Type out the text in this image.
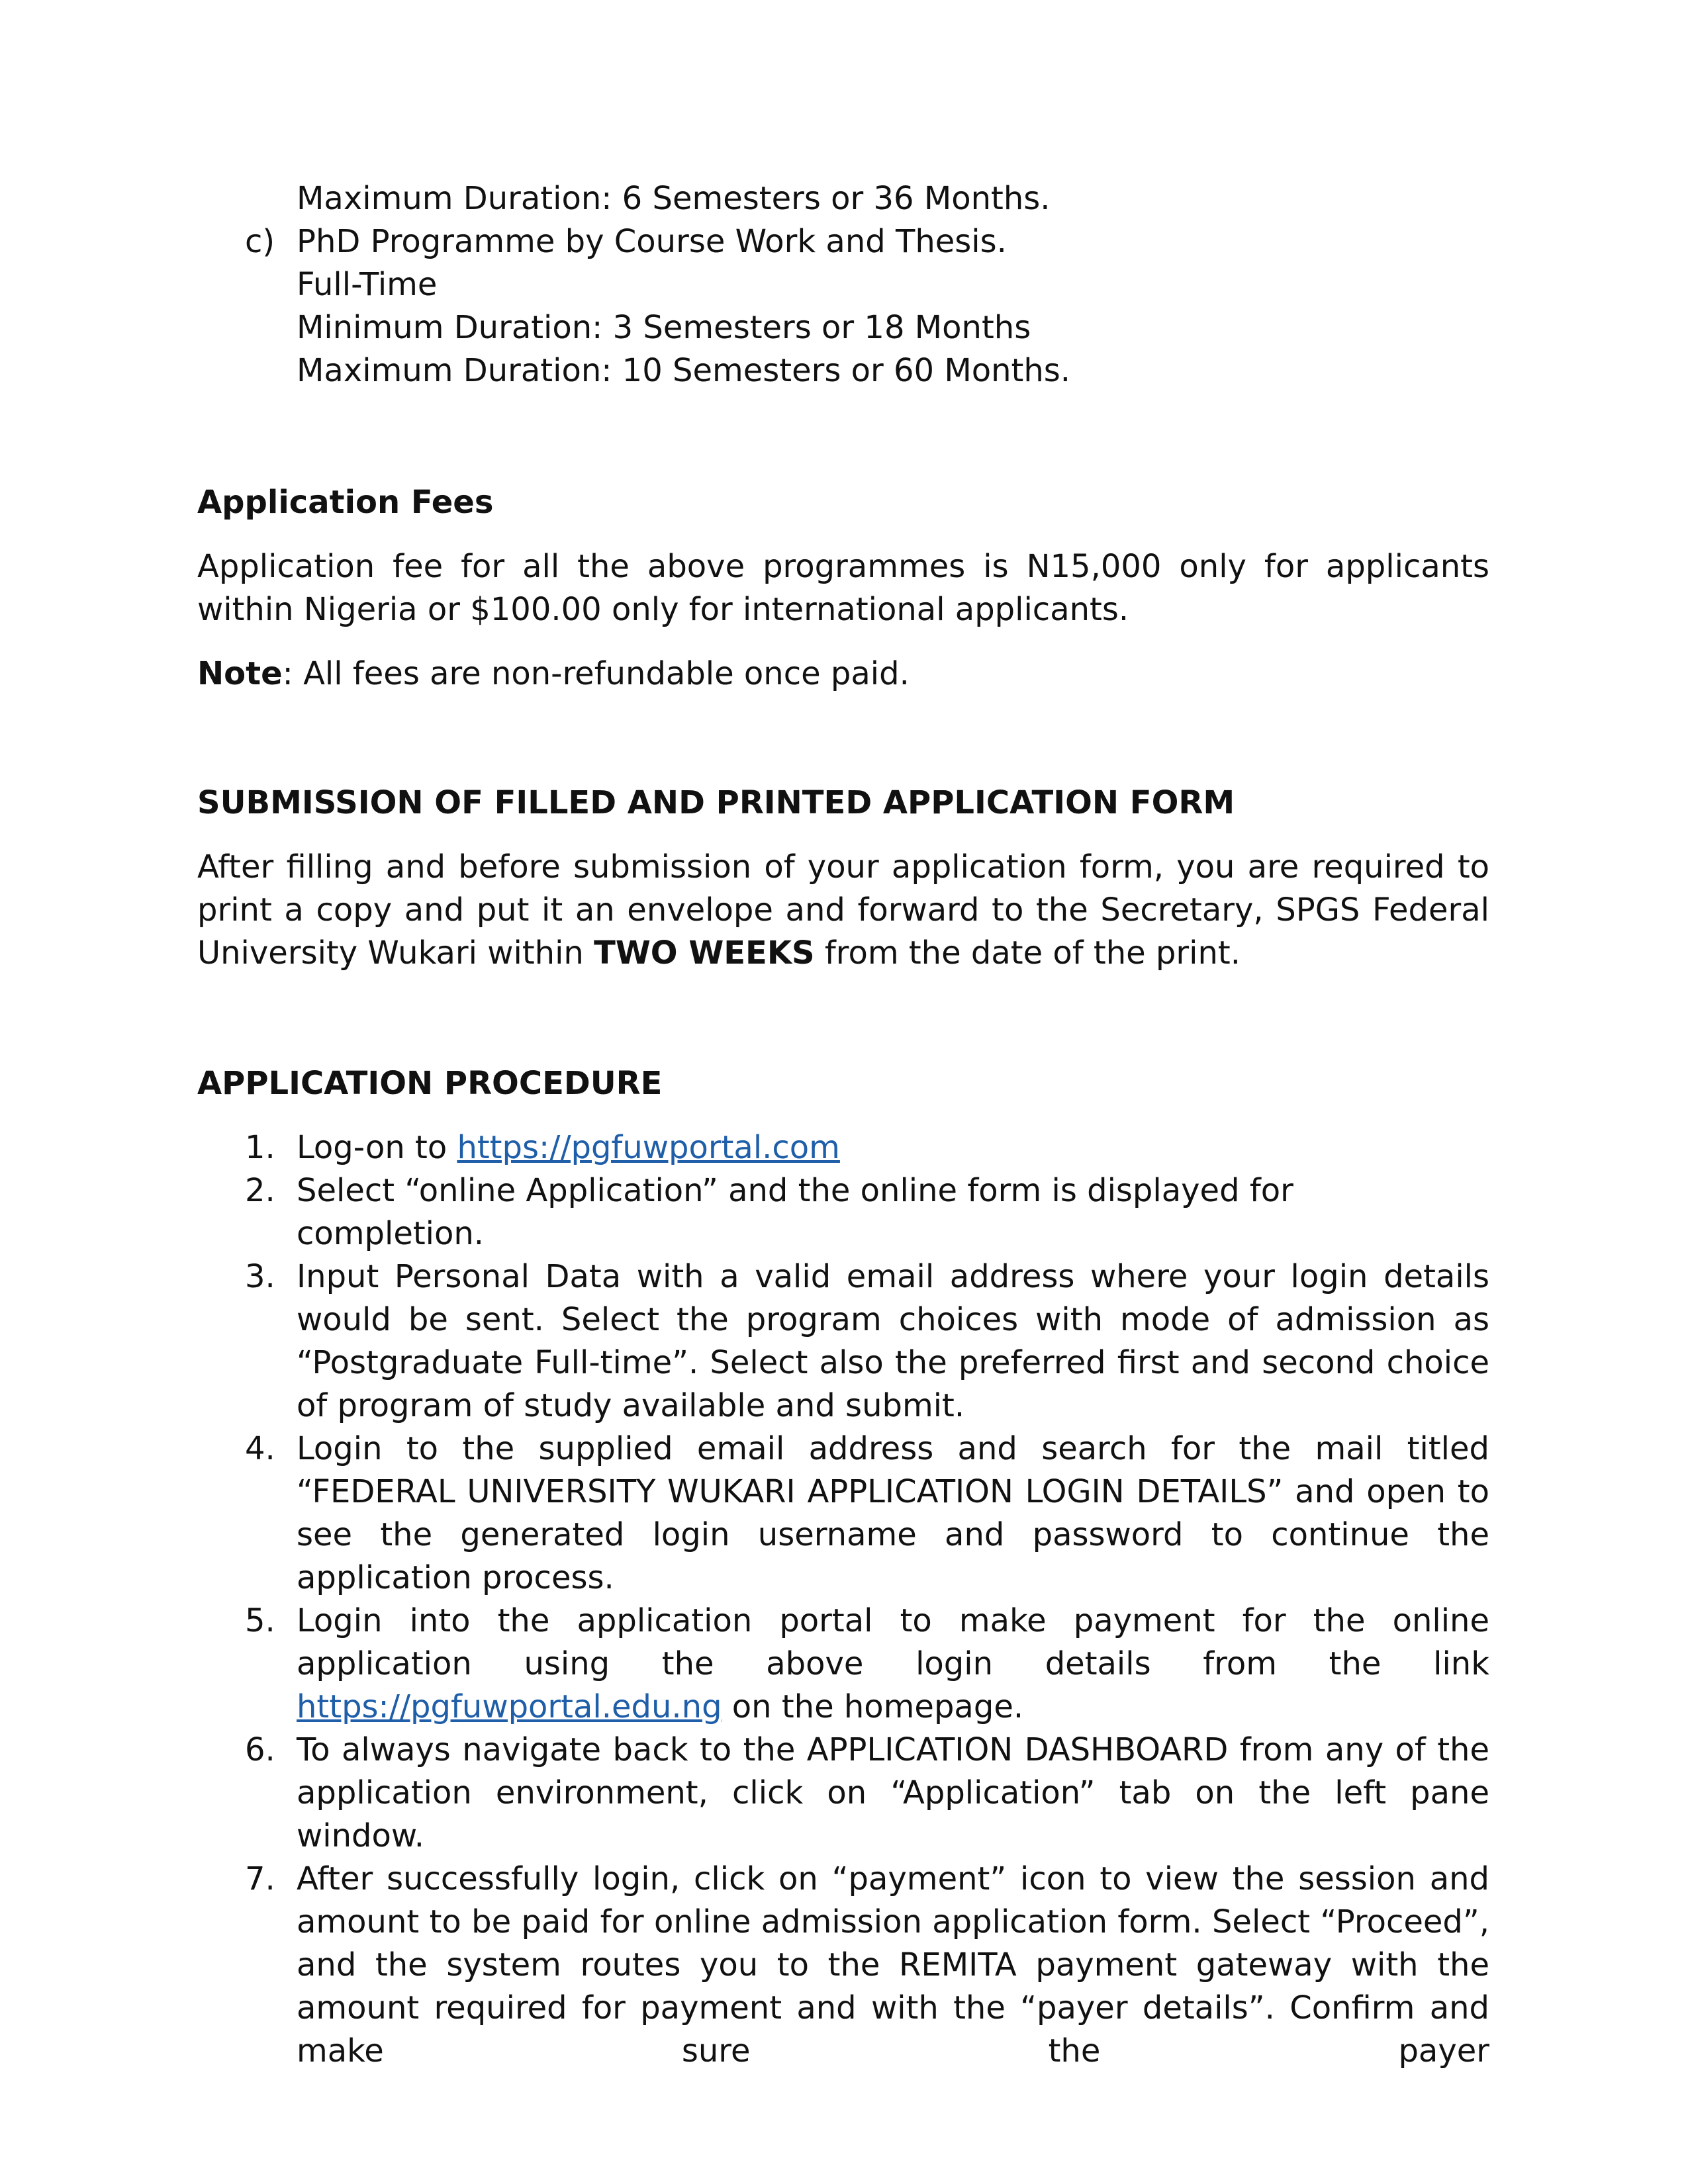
Maximum Duration: 6 Semesters or 36 Months.
c) PhD Programme by Course Work and Thesis.
Full-Time
Minimum Duration: 3 Semesters or 18 Months
Maximum Duration: 10 Semesters or 60 Months.

Application Fees

Application fee for all the above programmes is N15,000 only for applicants within Nigeria or $100.00 only for international applicants.

Note: All fees are non-refundable once paid.

SUBMISSION OF FILLED AND PRINTED APPLICATION FORM

After filling and before submission of your application form, you are required to print a copy and put it an envelope and forward to the Secretary, SPGS Federal University Wukari within TWO WEEKS from the date of the print.

APPLICATION PROCEDURE

1. Log-on to https://pgfuwportal.com
2. Select “online Application” and the online form is displayed for completion.
3. Input Personal Data with a valid email address where your login details would be sent. Select the program choices with mode of admission as “Postgraduate Full-time”. Select also the preferred first and second choice of program of study available and submit.
4. Login to the supplied email address and search for the mail titled “FEDERAL UNIVERSITY WUKARI APPLICATION LOGIN DETAILS” and open to see the generated login username and password to continue the application process.
5. Login into the application portal to make payment for the online application using the above login details from the link https://pgfuwportal.edu.ng on the homepage.
6. To always navigate back to the APPLICATION DASHBOARD from any of the application environment, click on “Application” tab on the left pane window.
7. After successfully login, click on “payment” icon to view the session and amount to be paid for online admission application form. Select “Proceed”, and the system routes you to the REMITA payment gateway with the amount required for payment and with the “payer details”. Confirm and make sure the payer
